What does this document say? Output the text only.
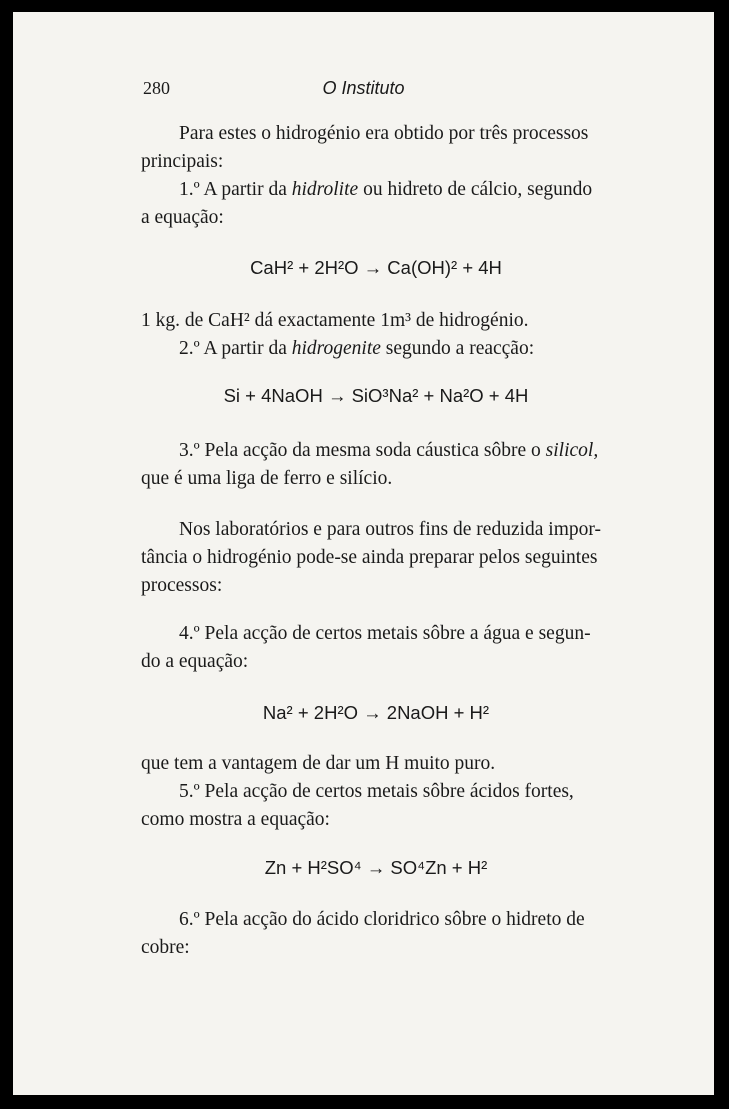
280	O Instituto

Para estes o hidrogénio era obtido por três processos

principais:

1.º A partir da hidrolite ou hidreto de cálcio, segundo

a equação:

CaH² + 2H²O → Ca(OH)² + 4H

1 kg. de CaH² dá exactamente 1m³ de hidrogénio.

2.º A partir da hidrogenite segundo a reacção:

Si + 4NaOH → SiO³Na² + Na²O + 4H

3.º Pela acção da mesma soda cáustica sôbre o silicol,

que é uma liga de ferro e silício.

Nos laboratórios e para outros fins de reduzida impor-

tância o hidrogénio pode-se ainda preparar pelos seguintes

processos:

4.º Pela acção de certos metais sôbre a água e segun-

do a equação:

Na² + 2H²O → 2NaOH + H²

que tem a vantagem de dar um H muito puro.

5.º Pela acção de certos metais sôbre ácidos fortes,

como mostra a equação:

Zn + H²SO⁴ → SO⁴Zn + H²

6.º Pela acção do ácido cloridrico sôbre o hidreto de

cobre:
